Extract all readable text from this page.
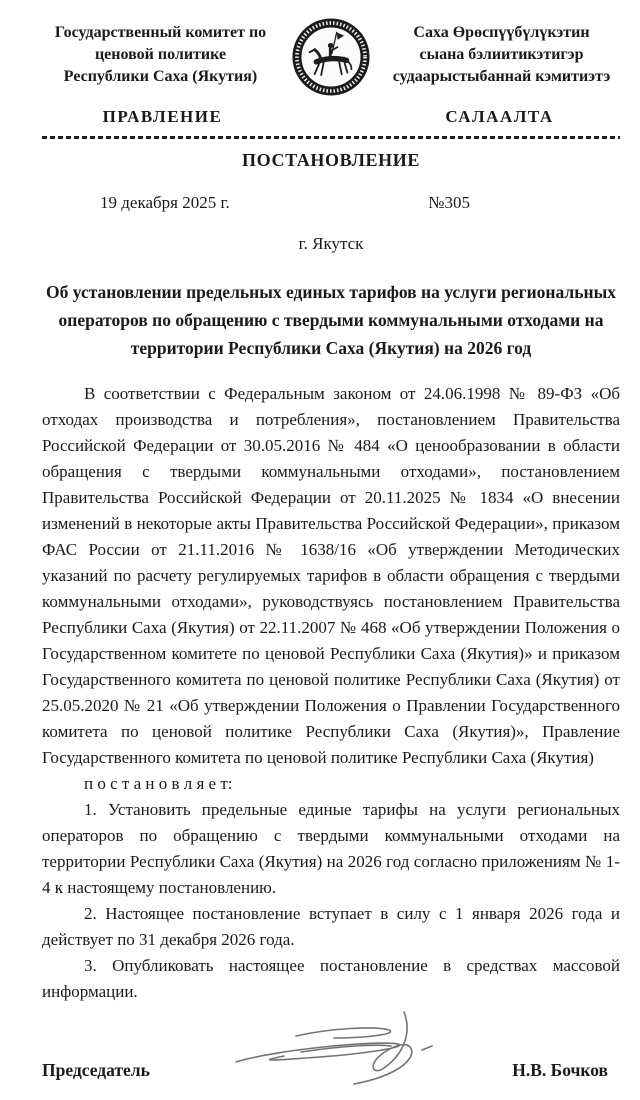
Государственный комитет по
ценовой политике
Республики Саха (Якутия)
Саха Өрөспүүбүлүкэтин
сыана бэлиитикэтигэр
судаарыстыбаннай кэмитиэтэ
ПРАВЛЕНИЕ	САЛААЛТА
ПОСТАНОВЛЕНИЕ
19 декабря 2025 г.	№305
г. Якутск
Об установлении предельных единых тарифов на услуги региональных операторов по обращению с твердыми коммунальными отходами на территории Республики Саха (Якутия) на 2026 год

В соответствии с Федеральным законом от 24.06.1998 № 89-ФЗ «Об отходах производства и потребления», постановлением Правительства Российской Федерации от 30.05.2016 № 484 «О ценообразовании в области обращения с твердыми коммунальными отходами», постановлением Правительства Российской Федерации от 20.11.2025 № 1834 «О внесении изменений в некоторые акты Правительства Российской Федерации», приказом ФАС России от 21.11.2016 № 1638/16 «Об утверждении Методических указаний по расчету регулируемых тарифов в области обращения с твердыми коммунальными отходами», руководствуясь постановлением Правительства Республики Саха (Якутия) от 22.11.2007 № 468 «Об утверждении Положения о Государственном комитете по ценовой Республики Саха (Якутия)» и приказом Государственного комитета по ценовой политике Республики Саха (Якутия) от 25.05.2020 № 21 «Об утверждении Положения о Правлении Государственного комитета по ценовой политике Республики Саха (Якутия)», Правление Государственного комитета по ценовой политике Республики Саха (Якутия)

п о с т а н о в л я е т:

1. Установить предельные единые тарифы на услуги региональных операторов по обращению с твердыми коммунальными отходами на территории Республики Саха (Якутия) на 2026 год согласно приложениям № 1-4 к настоящему постановлению.

2. Настоящее постановление вступает в силу с 1 января 2026 года и действует по 31 декабря 2026 года.

3. Опубликовать настоящее постановление в средствах массовой информации.

Председатель	Н.В. Бочков
